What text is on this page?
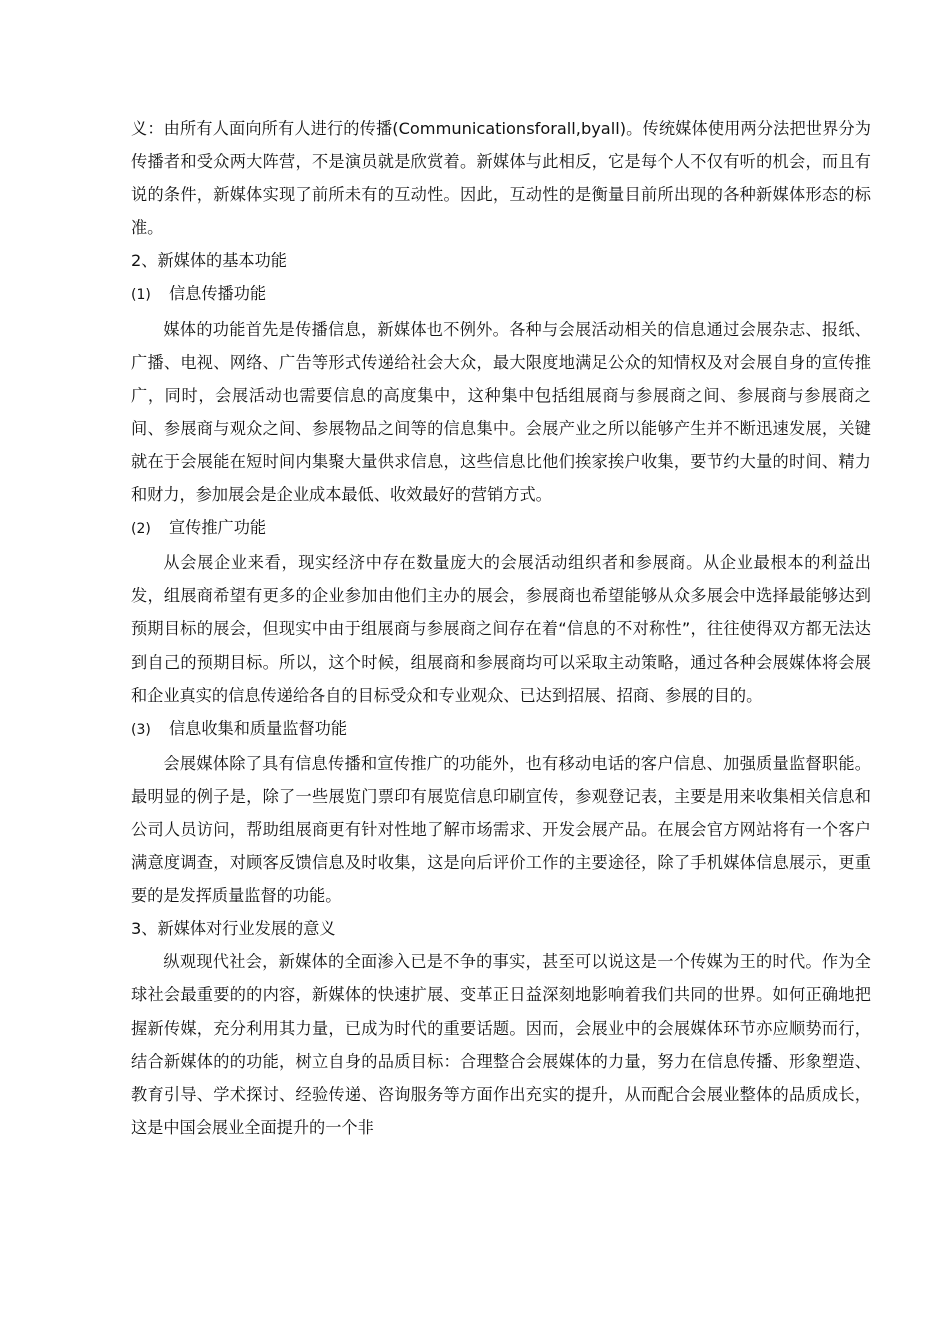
义：由所有人面向所有人进行的传播(Communicationsforall,byall)。传统媒体使用两分法把世界分为传播者和受众两大阵营，不是演员就是欣赏着。新媒体与此相反，它是每个人不仅有听的机会，而且有说的条件，新媒体实现了前所未有的互动性。因此，互动性的是衡量目前所出现的各种新媒体形态的标准。

2、新媒体的基本功能

(1) 信息传播功能

媒体的功能首先是传播信息，新媒体也不例外。各种与会展活动相关的信息通过会展杂志、报纸、广播、电视、网络、广告等形式传递给社会大众，最大限度地满足公众的知情权及对会展自身的宣传推广，同时，会展活动也需要信息的高度集中，这种集中包括组展商与参展商之间、参展商与参展商之间、参展商与观众之间、参展物品之间等的信息集中。会展产业之所以能够产生并不断迅速发展，关键就在于会展能在短时间内集聚大量供求信息，这些信息比他们挨家挨户收集，要节约大量的时间、精力和财力，参加展会是企业成本最低、收效最好的营销方式。

(2) 宣传推广功能

从会展企业来看，现实经济中存在数量庞大的会展活动组织者和参展商。从企业最根本的利益出发，组展商希望有更多的企业参加由他们主办的展会，参展商也希望能够从众多展会中选择最能够达到预期目标的展会，但现实中由于组展商与参展商之间存在着“信息的不对称性”，往往使得双方都无法达到自己的预期目标。所以，这个时候，组展商和参展商均可以采取主动策略，通过各种会展媒体将会展和企业真实的信息传递给各自的目标受众和专业观众、已达到招展、招商、参展的目的。

(3) 信息收集和质量监督功能

会展媒体除了具有信息传播和宣传推广的功能外，也有移动电话的客户信息、加强质量监督职能。最明显的例子是，除了一些展览门票印有展览信息印刷宣传，参观登记表，主要是用来收集相关信息和公司人员访问，帮助组展商更有针对性地了解市场需求、开发会展产品。在展会官方网站将有一个客户满意度调查，对顾客反馈信息及时收集，这是向后评价工作的主要途径，除了手机媒体信息展示，更重要的是发挥质量监督的功能。

3、新媒体对行业发展的意义

纵观现代社会，新媒体的全面渗入已是不争的事实，甚至可以说这是一个传媒为王的时代。作为全球社会最重要的的内容，新媒体的快速扩展、变革正日益深刻地影响着我们共同的世界。如何正确地把握新传媒，充分利用其力量，已成为时代的重要话题。因而，会展业中的会展媒体环节亦应顺势而行，结合新媒体的的功能，树立自身的品质目标：合理整合会展媒体的力量，努力在信息传播、形象塑造、教育引导、学术探讨、经验传递、咨询服务等方面作出充实的提升，从而配合会展业整体的品质成长，这是中国会展业全面提升的一个非
